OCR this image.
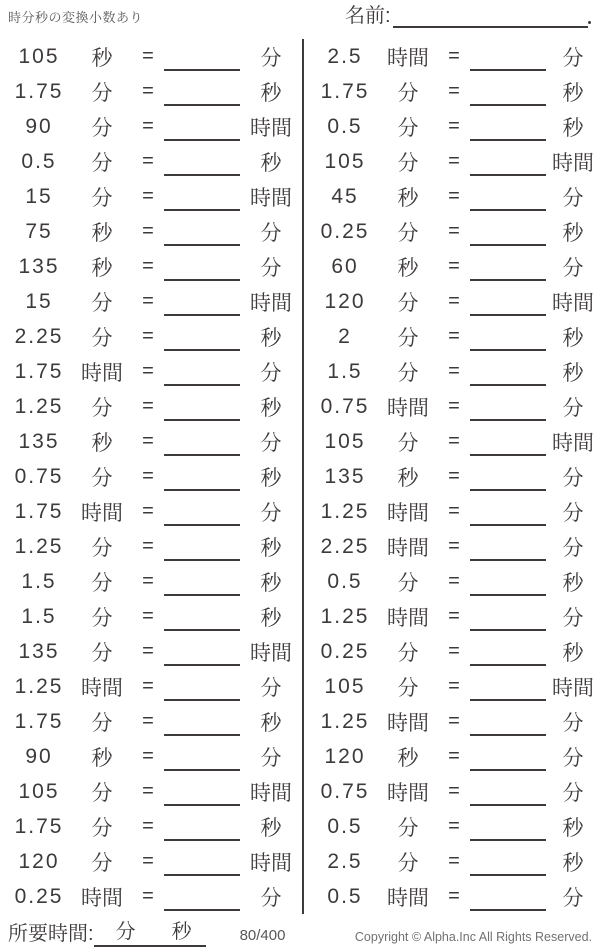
時分秒の変換小数あり	名前:
105	秒	=	分
1.75	分	=	秒
90	分	=	時間
0.5	分	=	秒
15	分	=	時間
75	秒	=	分
135	秒	=	分
15	分	=	時間
2.25	分	=	秒
1.75 時間 =	分
1.25	分	=	秒
135	秒	=	分
0.75	分	=	秒
1.75 時間 =	分
1.25	分	=	秒
1.5	分	=	秒
1.5	分	=	秒
135	分	=	時間
1.25 時間 =	分
1.75	分	=	秒
90	秒	=	分
105	分	=	時間
1.75	分	=	秒
120	分	=	時間
0.25 時間 =	分
2.5	時間 =	分
1.75	分	=	秒
0.5	分	=	秒
105	分	=	時間
45	秒	=	分
0.25	分	=	秒
60	秒	=	分
120	分	=	時間
2	分	=	秒
1.5	分	=	秒
0.75 時間 =	分
105	分	=	時間
135	秒	=	分
1.25 時間 =	分
2.25 時間 =	分
0.5	分	=	秒
1.25 時間 =	分
0.25	分	=	秒
105	分	=	時間
1.25 時間 =	分
120	秒	=	分
0.75 時間 =	分
0.5	分	=	秒
2.5	分	=	秒
0.5	時間 =	分
所要時間: 分 秒	80/400	Copyright © Alpha.Inc All Rights Reserved.
